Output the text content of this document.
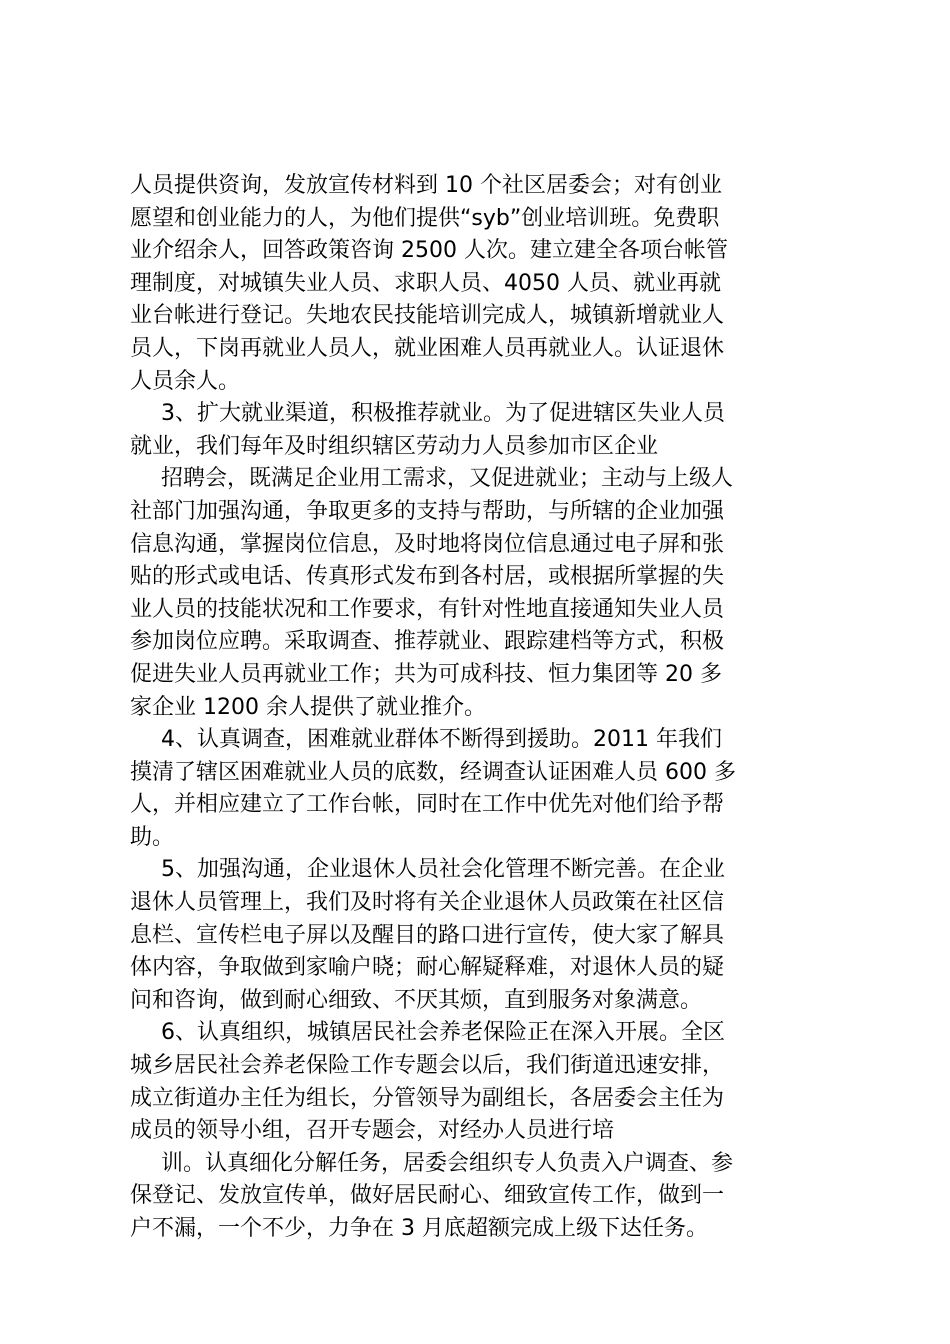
人员提供资询，发放宣传材料到 10 个社区居委会；对有创业
愿望和创业能力的人，为他们提供“syb”创业培训班。免费职
业介绍余人，回答政策咨询 2500 人次。建立建全各项台帐管
理制度，对城镇失业人员、求职人员、4050 人员、就业再就
业台帐进行登记。失地农民技能培训完成人，城镇新增就业人
员人，下岗再就业人员人，就业困难人员再就业人。认证退休
人员余人。
3、扩大就业渠道，积极推荐就业。为了促进辖区失业人员
就业，我们每年及时组织辖区劳动力人员参加市区企业
招聘会，既满足企业用工需求，又促进就业；主动与上级人
社部门加强沟通，争取更多的支持与帮助，与所辖的企业加强
信息沟通，掌握岗位信息，及时地将岗位信息通过电子屏和张
贴的形式或电话、传真形式发布到各村居，或根据所掌握的失
业人员的技能状况和工作要求，有针对性地直接通知失业人员
参加岗位应聘。采取调查、推荐就业、跟踪建档等方式，积极
促进失业人员再就业工作；共为可成科技、恒力集团等 20 多
家企业 1200 余人提供了就业推介。
4、认真调查，困难就业群体不断得到援助。2011 年我们
摸清了辖区困难就业人员的底数，经调查认证困难人员 600 多
人，并相应建立了工作台帐，同时在工作中优先对他们给予帮
助。
5、加强沟通，企业退休人员社会化管理不断完善。在企业
退休人员管理上，我们及时将有关企业退休人员政策在社区信
息栏、宣传栏电子屏以及醒目的路口进行宣传，使大家了解具
体内容，争取做到家喻户晓；耐心解疑释难，对退休人员的疑
问和咨询，做到耐心细致、不厌其烦，直到服务对象满意。
6、认真组织，城镇居民社会养老保险正在深入开展。全区
城乡居民社会养老保险工作专题会以后，我们街道迅速安排，
成立街道办主任为组长，分管领导为副组长，各居委会主任为
成员的领导小组，召开专题会，对经办人员进行培
训。认真细化分解任务，居委会组织专人负责入户调查、参
保登记、发放宣传单，做好居民耐心、细致宣传工作，做到一
户不漏，一个不少，力争在 3 月底超额完成上级下达任务。
